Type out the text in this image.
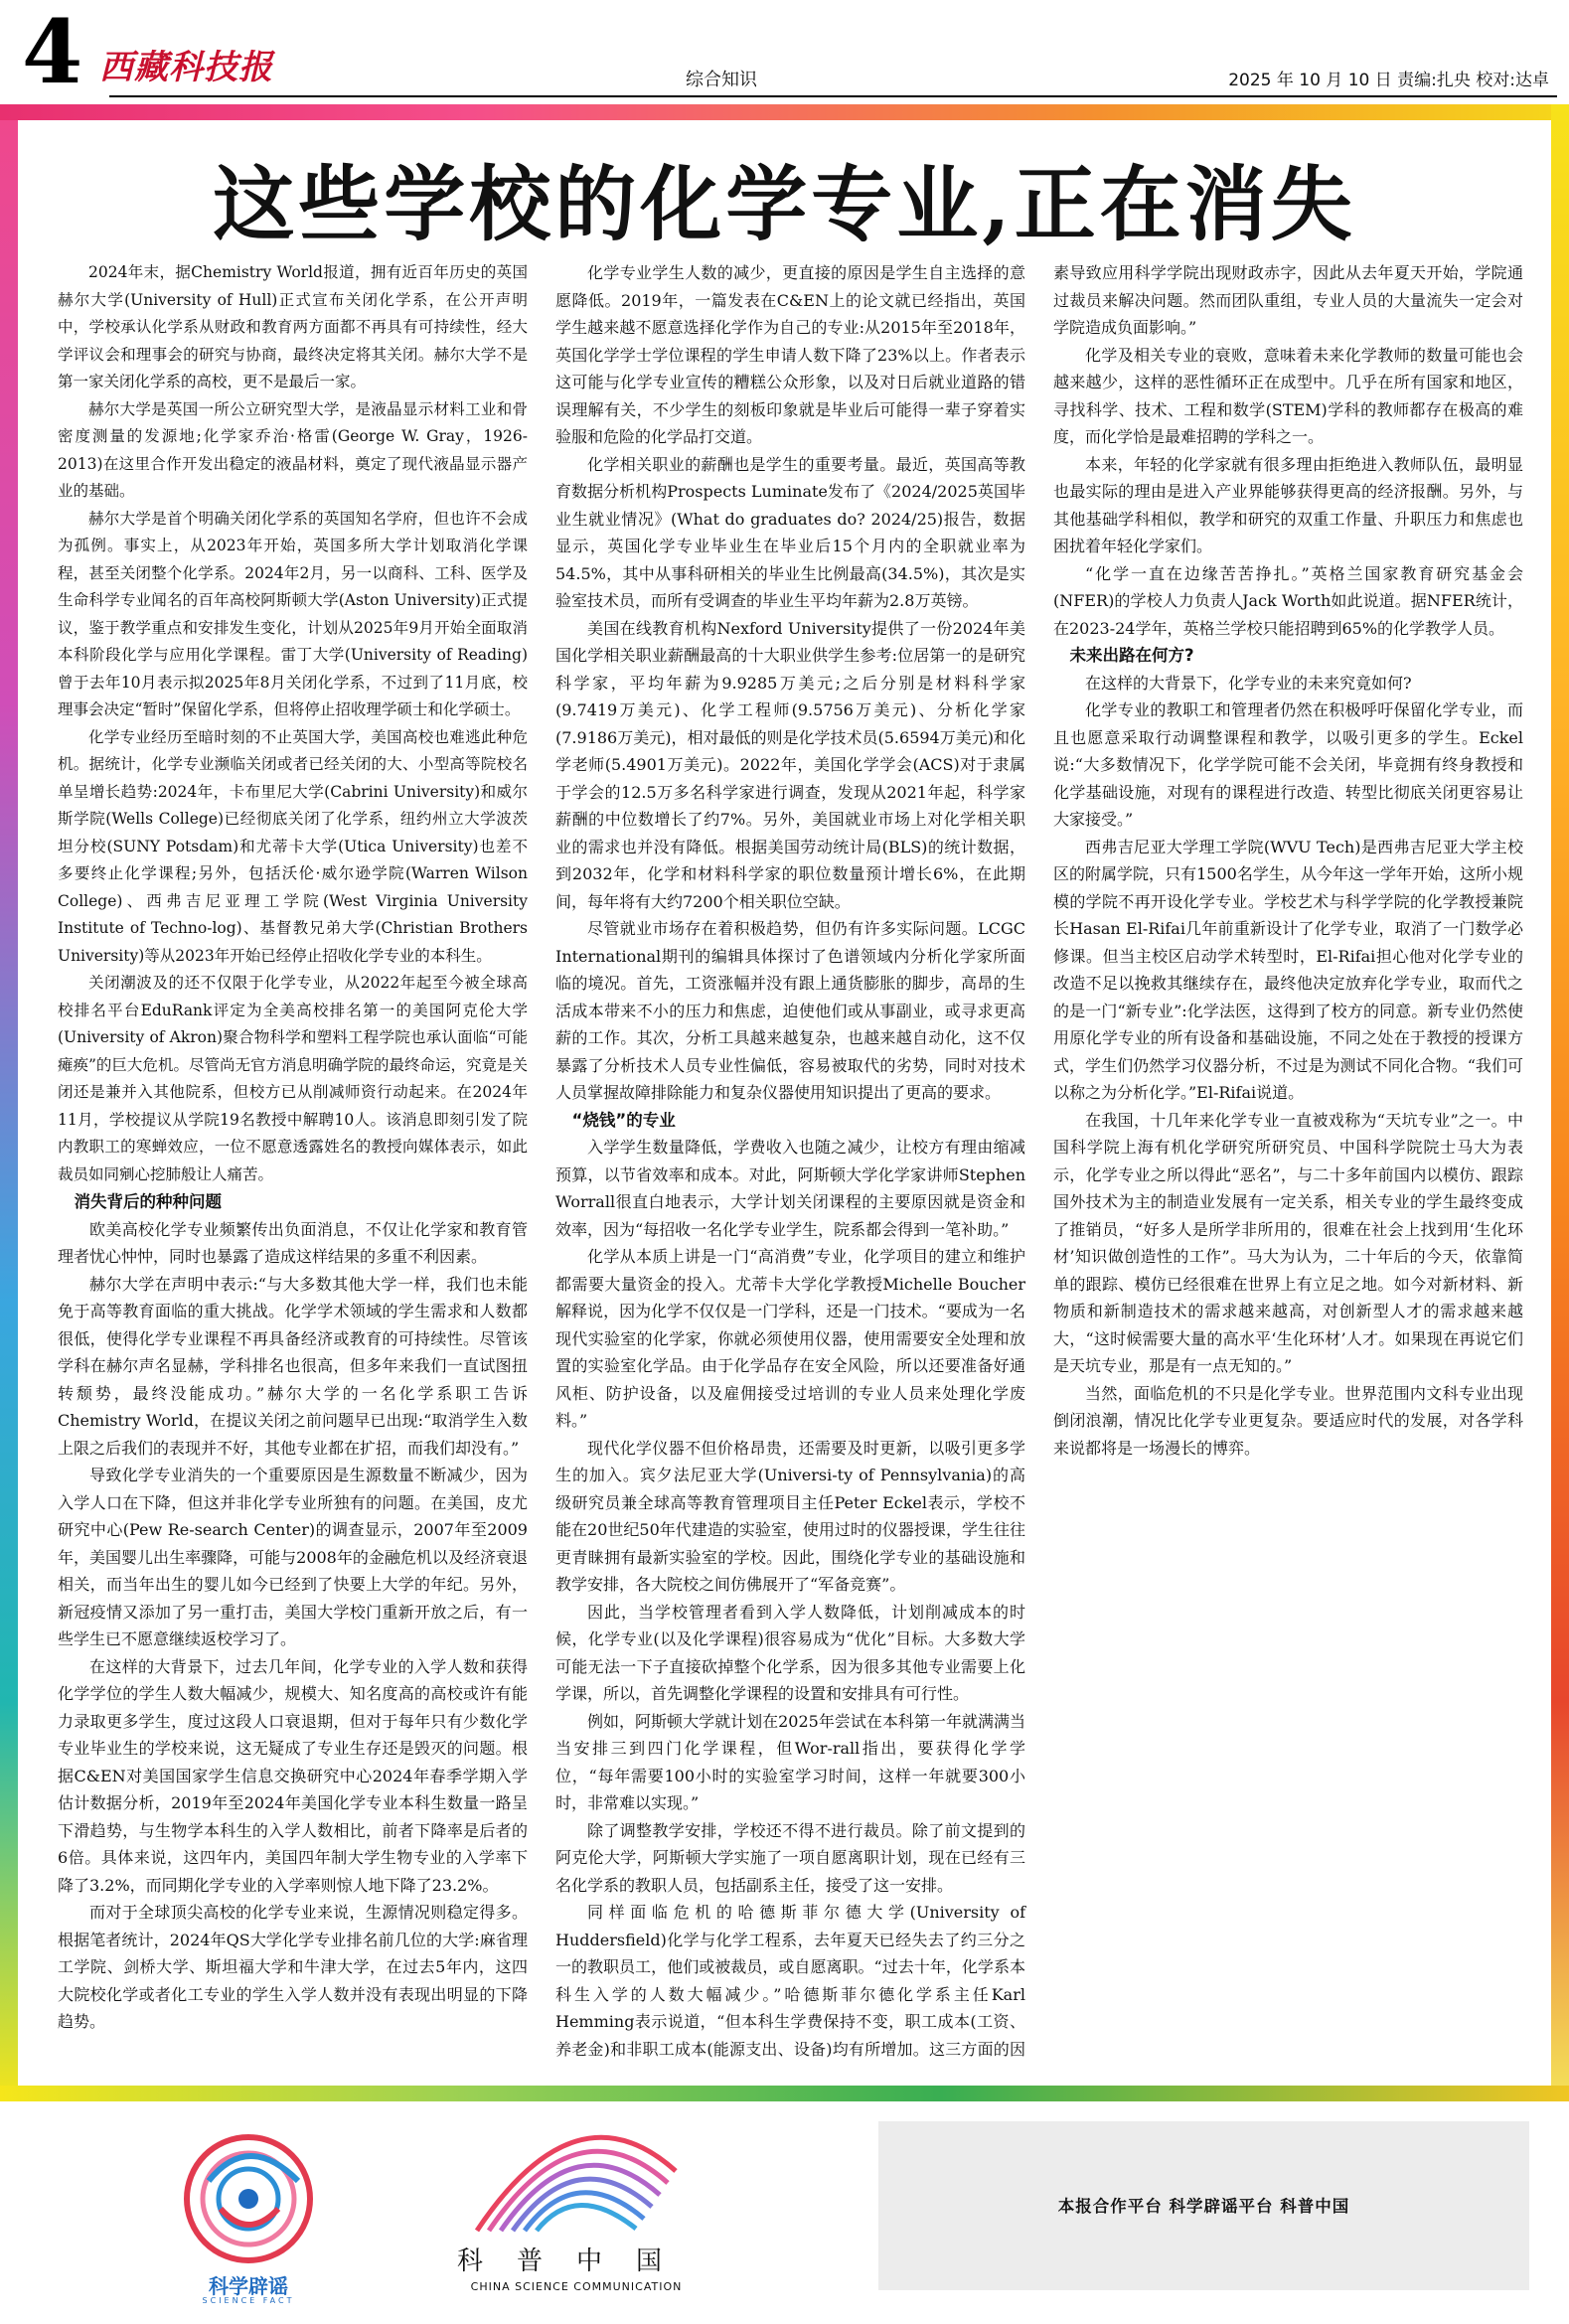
4 西藏科技报	综合知识	2025 年 10 月 10 日 责编:扎央 校对:达卓
这些学校的化学专业,正在消失

2024年末，据Chemistry World报道，拥有近百年历史的英国赫尔大学(University of Hull)正式宣布关闭化学系，在公开声明中，学校承认化学系从财政和教育两方面都不再具有可持续性，经大学评议会和理事会的研究与协商，最终决定将其关闭。赫尔大学不是第一家关闭化学系的高校，更不是最后一家。

赫尔大学是英国一所公立研究型大学，是液晶显示材料工业和骨密度测量的发源地;化学家乔治·格雷(George W. Gray，1926-2013)在这里合作开发出稳定的液晶材料，奠定了现代液晶显示器产业的基础。

赫尔大学是首个明确关闭化学系的英国知名学府，但也许不会成为孤例。事实上，从2023年开始，英国多所大学计划取消化学课程，甚至关闭整个化学系。2024年2月，另一以商科、工科、医学及生命科学专业闻名的百年高校阿斯顿大学(Aston University)正式提议，鉴于教学重点和安排发生变化，计划从2025年9月开始全面取消本科阶段化学与应用化学课程。雷丁大学(University of Reading)曾于去年10月表示拟2025年8月关闭化学系，不过到了11月底，校理事会决定“暂时”保留化学系，但将停止招收理学硕士和化学硕士。

化学专业经历至暗时刻的不止英国大学，美国高校也难逃此种危机。据统计，化学专业濒临关闭或者已经关闭的大、小型高等院校名单呈增长趋势:2024年，卡布里尼大学(Cabrini University)和威尔斯学院(Wells College)已经彻底关闭了化学系，纽约州立大学波茨坦分校(SUNY Potsdam)和尤蒂卡大学(Utica University)也差不多要终止化学课程;另外，包括沃伦·威尔逊学院(Warren Wilson College)、西弗吉尼亚理工学院(West Virginia University Institute of Techno-log)、基督教兄弟大学(Christian Brothers University)等从2023年开始已经停止招收化学专业的本科生。

关闭潮波及的还不仅限于化学专业，从2022年起至今被全球高校排名平台EduRank评定为全美高校排名第一的美国阿克伦大学(University of Akron)聚合物科学和塑料工程学院也承认面临“可能瘫痪”的巨大危机。尽管尚无官方消息明确学院的最终命运，究竟是关闭还是兼并入其他院系，但校方已从削减师资行动起来。在2024年11月，学校提议从学院19名教授中解聘10人。该消息即刻引发了院内教职工的寒蝉效应，一位不愿意透露姓名的教授向媒体表示，如此裁员如同剜心挖肺般让人痛苦。

消失背后的种种问题

欧美高校化学专业频繁传出负面消息，不仅让化学家和教育管理者忧心忡忡，同时也暴露了造成这样结果的多重不利因素。

赫尔大学在声明中表示:“与大多数其他大学一样，我们也未能免于高等教育面临的重大挑战。化学学术领域的学生需求和人数都很低，使得化学专业课程不再具备经济或教育的可持续性。尽管该学科在赫尔声名显赫，学科排名也很高，但多年来我们一直试图扭转颓势，最终没能成功。”赫尔大学的一名化学系职工告诉Chemistry World，在提议关闭之前问题早已出现:“取消学生入数上限之后我们的表现并不好，其他专业都在扩招，而我们却没有。”

导致化学专业消失的一个重要原因是生源数量不断减少，因为入学人口在下降，但这并非化学专业所独有的问题。在美国，皮尤研究中心(Pew Re-search Center)的调查显示，2007年至2009年，美国婴儿出生率骤降，可能与2008年的金融危机以及经济衰退相关，而当年出生的婴儿如今已经到了快要上大学的年纪。另外，新冠疫情又添加了另一重打击，美国大学校门重新开放之后，有一些学生已不愿意继续返校学习了。

在这样的大背景下，过去几年间，化学专业的入学人数和获得化学学位的学生人数大幅减少，规模大、知名度高的高校或许有能力录取更多学生，度过这段人口衰退期，但对于每年只有少数化学专业毕业生的学校来说，这无疑成了专业生存还是毁灭的问题。根据C&EN对美国国家学生信息交换研究中心2024年春季学期入学估计数据分析，2019年至2024年美国化学专业本科生数量一路呈下滑趋势，与生物学本科生的入学人数相比，前者下降率是后者的6倍。具体来说，这四年内，美国四年制大学生物专业的入学率下降了3.2%，而同期化学专业的入学率则惊人地下降了23.2%。

而对于全球顶尖高校的化学专业来说，生源情况则稳定得多。根据笔者统计，2024年QS大学化学专业排名前几位的大学:麻省理工学院、剑桥大学、斯坦福大学和牛津大学，在过去5年内，这四大院校化学或者化工专业的学生入学人数并没有表现出明显的下降趋势。

化学专业学生人数的减少，更直接的原因是学生自主选择的意愿降低。2019年，一篇发表在C&EN上的论文就已经指出，英国学生越来越不愿意选择化学作为自己的专业:从2015年至2018年，英国化学学士学位课程的学生申请人数下降了23%以上。作者表示这可能与化学专业宣传的糟糕公众形象，以及对日后就业道路的错误理解有关，不少学生的刻板印象就是毕业后可能得一辈子穿着实验服和危险的化学品打交道。

化学相关职业的薪酬也是学生的重要考量。最近，英国高等教育数据分析机构Prospects Luminate发布了《2024/2025英国毕业生就业情况》(What do graduates do? 2024/25)报告，数据显示，英国化学专业毕业生在毕业后15个月内的全职就业率为54.5%，其中从事科研相关的毕业生比例最高(34.5%)，其次是实验室技术员，而所有受调查的毕业生平均年薪为2.8万英镑。

美国在线教育机构Nexford University提供了一份2024年美国化学相关职业薪酬最高的十大职业供学生参考:位居第一的是研究科学家，平均年薪为9.9285万美元;之后分别是材料科学家(9.7419万美元)、化学工程师(9.5756万美元)、分析化学家(7.9186万美元)，相对最低的则是化学技术员(5.6594万美元)和化学老师(5.4901万美元)。2022年，美国化学学会(ACS)对于隶属于学会的12.5万多名科学家进行调查，发现从2021年起，科学家薪酬的中位数增长了约7%。另外，美国就业市场上对化学相关职业的需求也并没有降低。根据美国劳动统计局(BLS)的统计数据，到2032年，化学和材料科学家的职位数量预计增长6%，在此期间，每年将有大约7200个相关职位空缺。

尽管就业市场存在着积极趋势，但仍有许多实际问题。LCGC International期刊的编辑具体探讨了色谱领域内分析化学家所面临的境况。首先，工资涨幅并没有跟上通货膨胀的脚步，高昂的生活成本带来不小的压力和焦虑，迫使他们或从事副业，或寻求更高薪的工作。其次，分析工具越来越复杂，也越来越自动化，这不仅暴露了分析技术人员专业性偏低，容易被取代的劣势，同时对技术人员掌握故障排除能力和复杂仪器使用知识提出了更高的要求。

“烧钱”的专业

入学学生数量降低，学费收入也随之减少，让校方有理由缩减预算，以节省效率和成本。对此，阿斯顿大学化学家讲师Stephen Worrall很直白地表示，大学计划关闭课程的主要原因就是资金和效率，因为“每招收一名化学专业学生，院系都会得到一笔补助。”

化学从本质上讲是一门“高消费”专业，化学项目的建立和维护都需要大量资金的投入。尤蒂卡大学化学教授Michelle Boucher解释说，因为化学不仅仅是一门学科，还是一门技术。“要成为一名现代实验室的化学家，你就必须使用仪器，使用需要安全处理和放置的实验室化学品。由于化学品存在安全风险，所以还要准备好通风柜、防护设备，以及雇佣接受过培训的专业人员来处理化学废料。”

现代化学仪器不但价格昂贵，还需要及时更新，以吸引更多学生的加入。宾夕法尼亚大学(Universi-ty of Pennsylvania)的高级研究员兼全球高等教育管理项目主任Peter Eckel表示，学校不能在20世纪50年代建造的实验室，使用过时的仪器授课，学生往往更青睐拥有最新实验室的学校。因此，围绕化学专业的基础设施和教学安排，各大院校之间仿佛展开了“军备竞赛”。

因此，当学校管理者看到入学人数降低，计划削减成本的时候，化学专业(以及化学课程)很容易成为“优化”目标。大多数大学可能无法一下子直接砍掉整个化学系，因为很多其他专业需要上化学课，所以，首先调整化学课程的设置和安排具有可行性。

例如，阿斯顿大学就计划在2025年尝试在本科第一年就满满当当安排三到四门化学课程，但Wor-rall指出，要获得化学学位，“每年需要100小时的实验室学习时间，这样一年就要300小时，非常难以实现。”

除了调整教学安排，学校还不得不进行裁员。除了前文提到的阿克伦大学，阿斯顿大学实施了一项自愿离职计划，现在已经有三名化学系的教职人员，包括副系主任，接受了这一安排。

同样面临危机的哈德斯菲尔德大学(University of Huddersfield)化学与化学工程系，去年夏天已经失去了约三分之一的教职员工，他们或被裁员，或自愿离职。“过去十年，化学系本科生入学的人数大幅减少。”哈德斯菲尔德化学系主任Karl Hemming表示说道，“但本科生学费保持不变，职工成本(工资、养老金)和非职工成本(能源支出、设备)均有所增加。这三方面的因素导致应用科学学院出现财政赤字，因此从去年夏天开始，学院通过裁员来解决问题。然而团队重组，专业人员的大量流失一定会对学院造成负面影响。”

化学及相关专业的衰败，意味着未来化学教师的数量可能也会越来越少，这样的恶性循环正在成型中。几乎在所有国家和地区，寻找科学、技术、工程和数学(STEM)学科的教师都存在极高的难度，而化学恰是最难招聘的学科之一。

本来，年轻的化学家就有很多理由拒绝进入教师队伍，最明显也最实际的理由是进入产业界能够获得更高的经济报酬。另外，与其他基础学科相似，教学和研究的双重工作量、升职压力和焦虑也困扰着年轻化学家们。

“化学一直在边缘苦苦挣扎。”英格兰国家教育研究基金会(NFER)的学校人力负责人Jack Worth如此说道。据NFER统计，在2023-24学年，英格兰学校只能招聘到65%的化学教学人员。

未来出路在何方?

在这样的大背景下，化学专业的未来究竟如何?

化学专业的教职工和管理者仍然在积极呼吁保留化学专业，而且也愿意采取行动调整课程和教学，以吸引更多的学生。Eckel说:“大多数情况下，化学学院可能不会关闭，毕竟拥有终身教授和化学基础设施，对现有的课程进行改造、转型比彻底关闭更容易让大家接受。”

西弗吉尼亚大学理工学院(WVU Tech)是西弗吉尼亚大学主校区的附属学院，只有1500名学生，从今年这一学年开始，这所小规模的学院不再开设化学专业。学校艺术与科学学院的化学教授兼院长Hasan El-Rifai几年前重新设计了化学专业，取消了一门数学必修课。但当主校区启动学术转型时，El-Rifai担心他对化学专业的改造不足以挽救其继续存在，最终他决定放弃化学专业，取而代之的是一门“新专业”:化学法医，这得到了校方的同意。新专业仍然使用原化学专业的所有设备和基础设施，不同之处在于教授的授课方式，学生们仍然学习仪器分析，不过是为测试不同化合物。“我们可以称之为分析化学。”El-Rifai说道。

在我国，十几年来化学专业一直被戏称为“天坑专业”之一。中国科学院上海有机化学研究所研究员、中国科学院院士马大为表示，化学专业之所以得此“恶名”，与二十多年前国内以模仿、跟踪国外技术为主的制造业发展有一定关系，相关专业的学生最终变成了推销员，“好多人是所学非所用的，很难在社会上找到用‘生化环材’知识做创造性的工作”。马大为认为，二十年后的今天，依靠简单的跟踪、模仿已经很难在世界上有立足之地。如今对新材料、新物质和新制造技术的需求越来越高，对创新型人才的需求越来越大，“这时候需要大量的高水平‘生化环材’人才。如果现在再说它们是天坑专业，那是有一点无知的。”

当然，面临危机的不只是化学专业。世界范围内文科专业出现倒闭浪潮，情况比化学专业更复杂。要适应时代的发展，对各学科来说都将是一场漫长的博弈。

科学辟谣
SCIENCE FACT
科普中国
CHINA SCIENCE COMMUNICATION
本报合作平台 科学辟谣平台 科普中国
